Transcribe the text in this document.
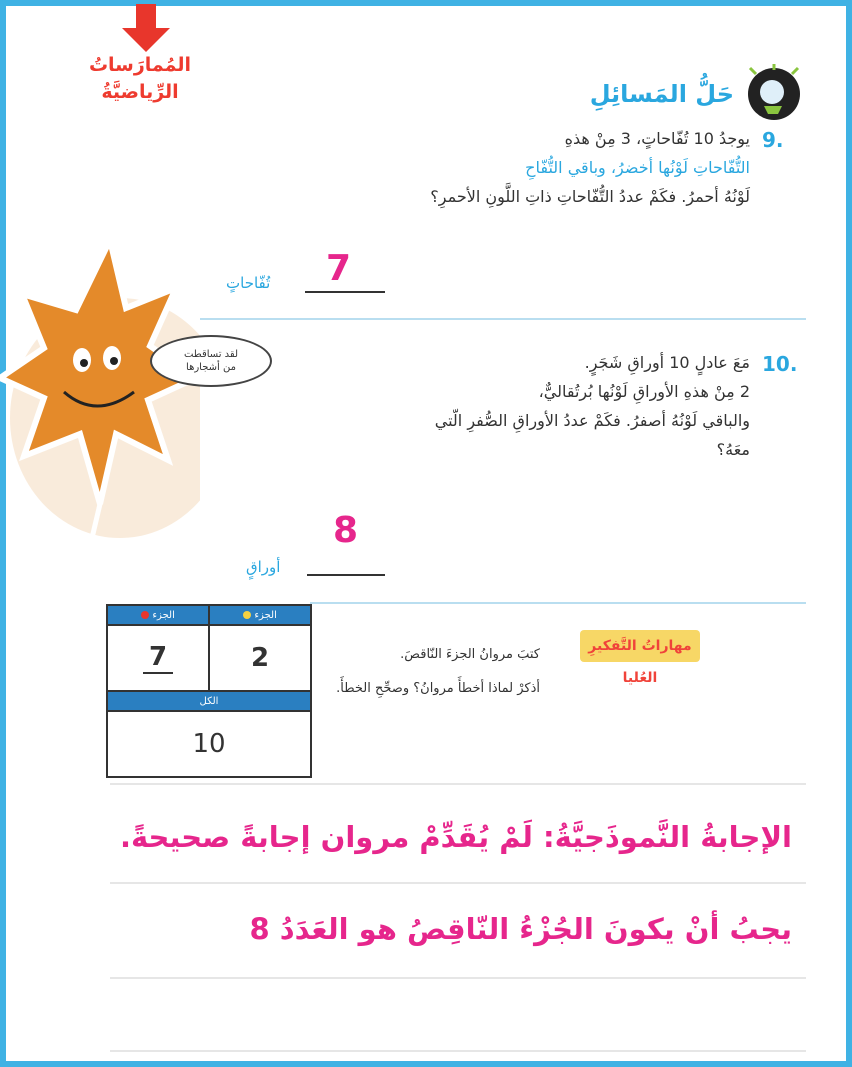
المُمارَساتُ
الرِّياضيَّةُ	حَلُّ المَسائِلِ
9.
يوجدُ 10 تُفّاحاتٍ، 3 مِنْ هذهِ
التُّفّاحاتِ لَوْنُها أخضرُ، وباقي التُّفّاحِ
لَوْنُهُ أحمرُ. فكَمْ عددُ التُّفّاحاتِ ذاتِ اللَّونِ الأحمرِ؟
7
تُفّاحاتٍ
لقد تساقطت
من أشجارها	10.
مَعَ عادلٍ 10 أوراقِ شَجَرٍ.
2 مِنْ هذهِ الأوراقِ لَوْنُها بُرتُقاليٌّ،
والباقي لَوْنُهُ أصفرُ. فكَمْ عددُ الأوراقِ الصُّفرِ الّتي
معَهُ؟
8
أوراقٍ
الجزء	الجزء
7	2
الكل	
10	
مهاراتُ التَّفكيرِ العُليا
كتبَ مروانُ الجزءَ النّاقصَ.
أذكرْ لماذا أخطأَ مروانُ؟ وصحِّحِ الخطأَ.
الإجابةُ النَّموذَجيَّةُ: لَمْ يُقَدِّمْ مروان إجابةً صحيحةً.
يجبُ أنْ يكونَ الجُزْءُ النّاقِصُ هو العَدَدُ 8
